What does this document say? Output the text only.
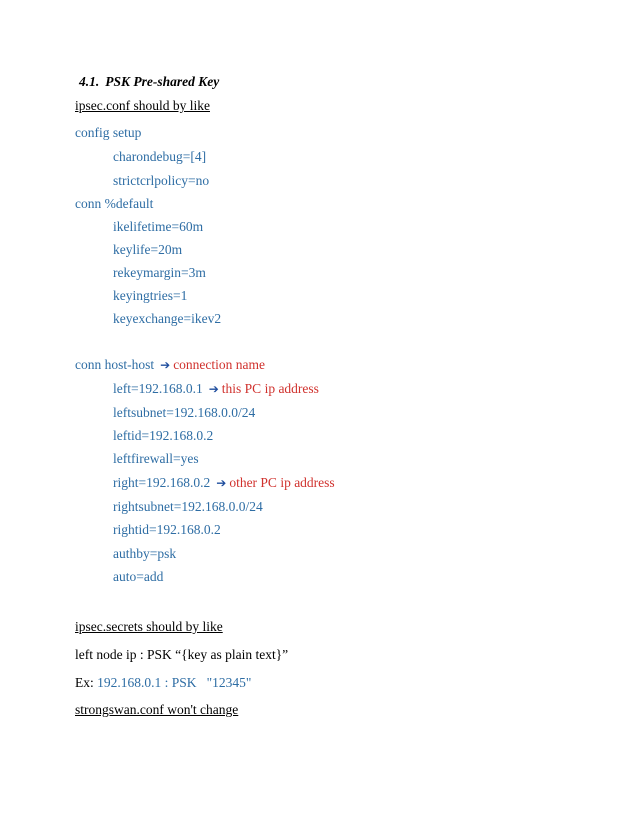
4.1. PSK Pre-shared Key
ipsec.conf should by like
config setup
charondebug=[4]
strictcrlpolicy=no
conn %default
ikelifetime=60m
keylife=20m
rekeymargin=3m
keyingtries=1
keyexchange=ikev2
conn host-host ➔ connection name
left=192.168.0.1 ➔ this PC ip address
leftsubnet=192.168.0.0/24
leftid=192.168.0.2
leftfirewall=yes
right=192.168.0.2 ➔ other PC ip address
rightsubnet=192.168.0.0/24
rightid=192.168.0.2
authby=psk
auto=add
ipsec.secrets should by like
left node ip : PSK “{key as plain text}”
Ex: 192.168.0.1 : PSK   "12345"
strongswan.conf won't change
